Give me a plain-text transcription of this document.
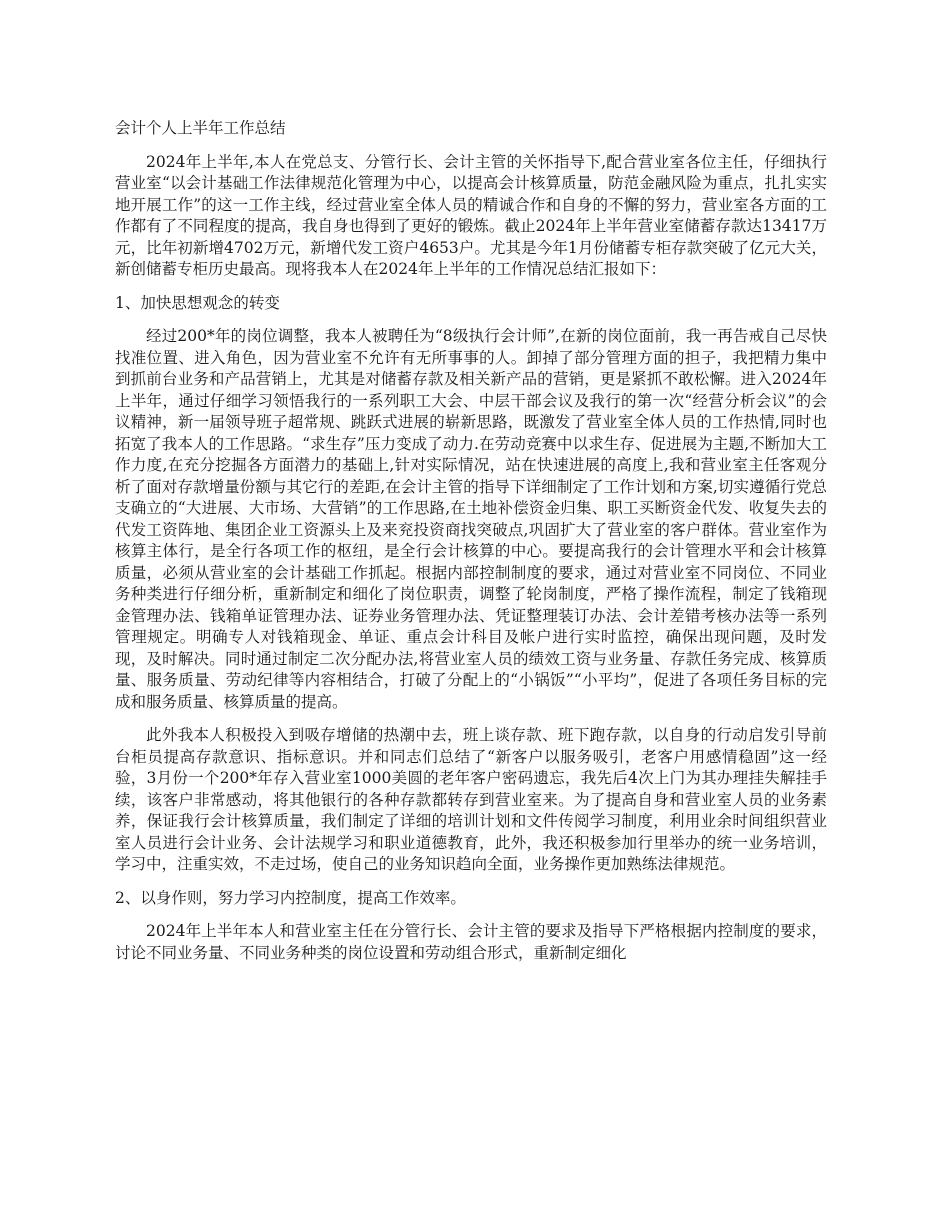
会计个人上半年工作总结

2024年上半年,本人在党总支、分管行长、会计主管的关怀指导下,配合营业室各位主任，仔细执行营业室“以会计基础工作法律规范化管理为中心，以提高会计核算质量，防范金融风险为重点，扎扎实实地开展工作”的这一工作主线，经过营业室全体人员的精诚合作和自身的不懈的努力，营业室各方面的工作都有了不同程度的提高，我自身也得到了更好的锻炼。截止2024年上半年营业室储蓄存款达13417万元，比年初新增4702万元，新增代发工资户4653户。尤其是今年1月份储蓄专柜存款突破了亿元大关，新创储蓄专柜历史最高。现将我本人在2024年上半年的工作情况总结汇报如下：

1、加快思想观念的转变

经过200*年的岗位调整，我本人被聘任为“8级执行会计师”,在新的岗位面前，我一再告戒自己尽快找准位置、进入角色，因为营业室不允许有无所事事的人。卸掉了部分管理方面的担子，我把精力集中到抓前台业务和产品营销上，尤其是对储蓄存款及相关新产品的营销，更是紧抓不敢松懈。进入2024年上半年，通过仔细学习领悟我行的一系列职工大会、中层干部会议及我行的第一次“经营分析会议”的会议精神，新一届领导班子超常规、跳跃式进展的崭新思路，既激发了营业室全体人员的工作热情,同时也拓宽了我本人的工作思路。“求生存”压力变成了动力.在劳动竞赛中以求生存、促进展为主题,不断加大工作力度,在充分挖掘各方面潜力的基础上,针对实际情况，站在快速进展的高度上,我和营业室主任客观分析了面对存款增量份额与其它行的差距,在会计主管的指导下详细制定了工作计划和方案,切实遵循行党总支确立的“大进展、大市场、大营销”的工作思路,在土地补偿资金归集、职工买断资金代发、收复失去的代发工资阵地、集团企业工资源头上及来兖投资商找突破点,巩固扩大了营业室的客户群体。营业室作为核算主体行，是全行各项工作的枢纽，是全行会计核算的中心。要提高我行的会计管理水平和会计核算质量，必须从营业室的会计基础工作抓起。根据内部控制制度的要求，通过对营业室不同岗位、不同业务种类进行仔细分析，重新制定和细化了岗位职责，调整了轮岗制度，严格了操作流程，制定了钱箱现金管理办法、钱箱单证管理办法、证券业务管理办法、凭证整理装订办法、会计差错考核办法等一系列管理规定。明确专人对钱箱现金、单证、重点会计科目及帐户进行实时监控，确保出现问题，及时发现，及时解决。同时通过制定二次分配办法,将营业室人员的绩效工资与业务量、存款任务完成、核算质量、服务质量、劳动纪律等内容相结合，打破了分配上的“小锅饭”“小平均”，促进了各项任务目标的完成和服务质量、核算质量的提高。

此外我本人积极投入到吸存增储的热潮中去，班上谈存款、班下跑存款，以自身的行动启发引导前台柜员提高存款意识、指标意识。并和同志们总结了“新客户以服务吸引，老客户用感情稳固”这一经验，3月份一个200*年存入营业室1000美圆的老年客户密码遗忘，我先后4次上门为其办理挂失解挂手续，该客户非常感动，将其他银行的各种存款都转存到营业室来。为了提高自身和营业室人员的业务素养，保证我行会计核算质量，我们制定了详细的培训计划和文件传阅学习制度，利用业余时间组织营业室人员进行会计业务、会计法规学习和职业道德教育，此外，我还积极参加行里举办的统一业务培训，学习中，注重实效，不走过场，使自己的业务知识趋向全面，业务操作更加熟练法律规范。

2、以身作则，努力学习内控制度，提高工作效率。

2024年上半年本人和营业室主任在分管行长、会计主管的要求及指导下严格根据内控制度的要求，讨论不同业务量、不同业务种类的岗位设置和劳动组合形式，重新制定细化
